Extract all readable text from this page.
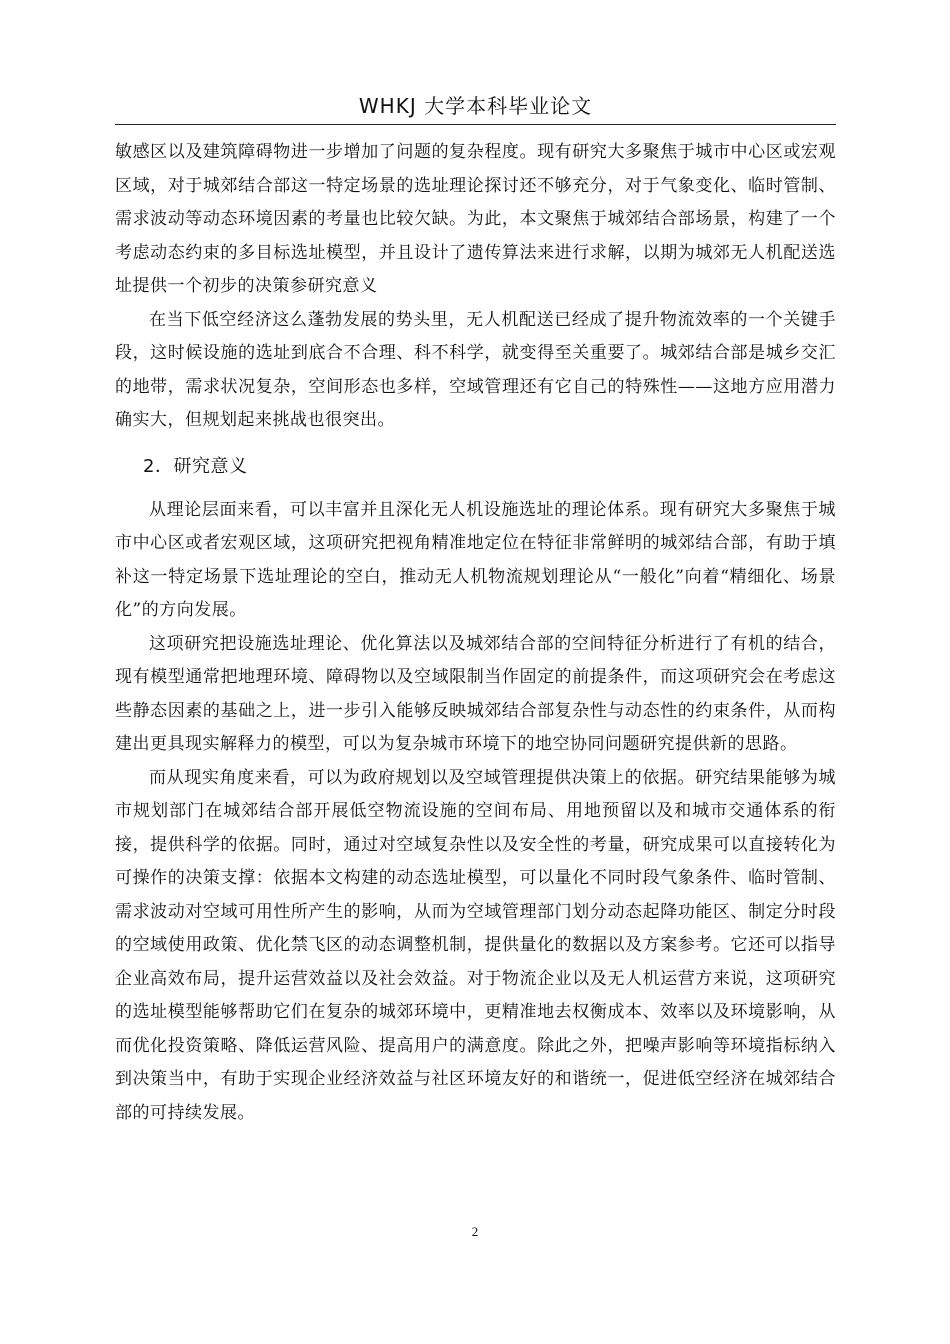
WHKJ 大学本科毕业论文

敏感区以及建筑障碍物进一步增加了问题的复杂程度。现有研究大多聚焦于城市中心区或宏观区域，对于城郊结合部这一特定场景的选址理论探讨还不够充分，对于气象变化、临时管制、需求波动等动态环境因素的考量也比较欠缺。为此，本文聚焦于城郊结合部场景，构建了一个考虑动态约束的多目标选址模型，并且设计了遗传算法来进行求解，以期为城郊无人机配送选址提供一个初步的决策参研究意义

在当下低空经济这么蓬勃发展的势头里，无人机配送已经成了提升物流效率的一个关键手段，这时候设施的选址到底合不合理、科不科学，就变得至关重要了。城郊结合部是城乡交汇的地带，需求状况复杂，空间形态也多样，空域管理还有它自己的特殊性——这地方应用潜力确实大，但规划起来挑战也很突出。

2．研究意义

从理论层面来看，可以丰富并且深化无人机设施选址的理论体系。现有研究大多聚焦于城市中心区或者宏观区域，这项研究把视角精准地定位在特征非常鲜明的城郊结合部，有助于填补这一特定场景下选址理论的空白，推动无人机物流规划理论从“一般化”向着“精细化、场景化”的方向发展。

这项研究把设施选址理论、优化算法以及城郊结合部的空间特征分析进行了有机的结合，现有模型通常把地理环境、障碍物以及空域限制当作固定的前提条件，而这项研究会在考虑这些静态因素的基础之上，进一步引入能够反映城郊结合部复杂性与动态性的约束条件，从而构建出更具现实解释力的模型，可以为复杂城市环境下的地空协同问题研究提供新的思路。

而从现实角度来看，可以为政府规划以及空域管理提供决策上的依据。研究结果能够为城市规划部门在城郊结合部开展低空物流设施的空间布局、用地预留以及和城市交通体系的衔接，提供科学的依据。同时，通过对空域复杂性以及安全性的考量，研究成果可以直接转化为可操作的决策支撑：依据本文构建的动态选址模型，可以量化不同时段气象条件、临时管制、需求波动对空域可用性所产生的影响，从而为空域管理部门划分动态起降功能区、制定分时段的空域使用政策、优化禁飞区的动态调整机制，提供量化的数据以及方案参考。它还可以指导企业高效布局，提升运营效益以及社会效益。对于物流企业以及无人机运营方来说，这项研究的选址模型能够帮助它们在复杂的城郊环境中，更精准地去权衡成本、效率以及环境影响，从而优化投资策略、降低运营风险、提高用户的满意度。除此之外，把噪声影响等环境指标纳入到决策当中，有助于实现企业经济效益与社区环境友好的和谐统一，促进低空经济在城郊结合部的可持续发展。

2
